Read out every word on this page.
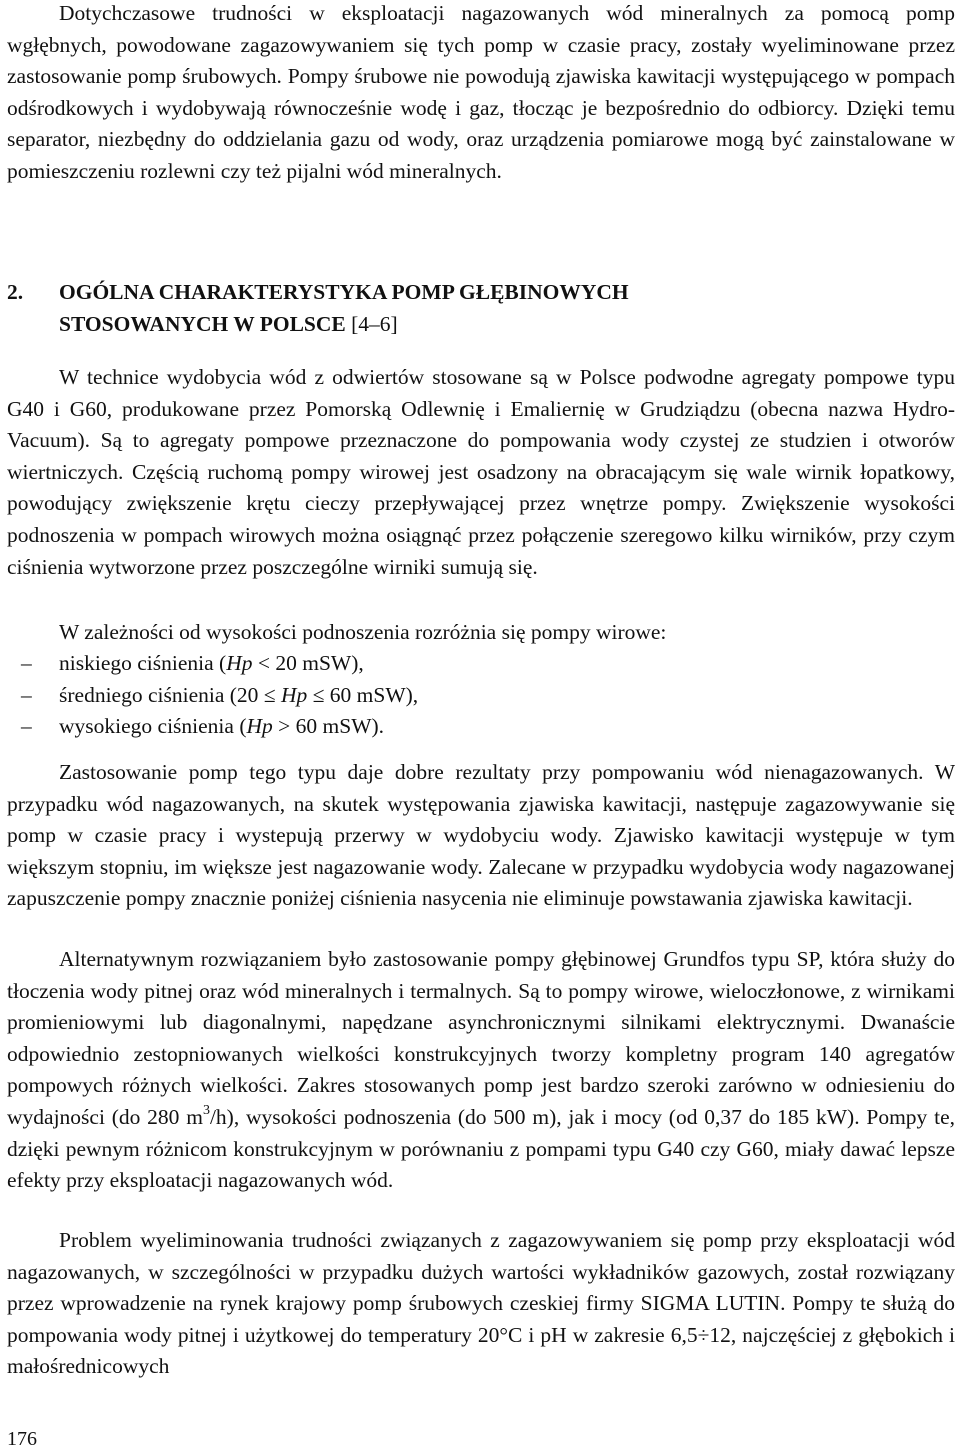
Dotychczasowe trudności w eksploatacji nagazowanych wód mineralnych za pomocą pomp wgłębnych, powodowane zagazowywaniem się tych pomp w czasie pracy, zostały wyeliminowane przez zastosowanie pomp śrubowych. Pompy śrubowe nie powodują zjawiska kawitacji występującego w pompach odśrodkowych i wydobywają równocześnie wodę i gaz, tłocząc je bezpośrednio do odbiorcy. Dzięki temu separator, niezbędny do oddzielania gazu od wody, oraz urządzenia pomiarowe mogą być zainstalowane w pomieszczeniu rozlewni czy też pijalni wód mineralnych.

2. OGÓLNA CHARAKTERYSTYKA POMP GŁĘBINOWYCH
STOSOWANYCH W POLSCE [4–6]

W technice wydobycia wód z odwiertów stosowane są w Polsce podwodne agregaty pompowe typu G40 i G60, produkowane przez Pomorską Odlewnię i Emaliernię w Grudziądzu (obecna nazwa Hydro-Vacuum). Są to agregaty pompowe przeznaczone do pompowania wody czystej ze studzien i otworów wiertniczych. Częścią ruchomą pompy wirowej jest osadzony na obracającym się wale wirnik łopatkowy, powodujący zwiększenie krętu cieczy przepływającej przez wnętrze pompy. Zwiększenie wysokości podnoszenia w pompach wirowych można osiągnąć przez połączenie szeregowo kilku wirników, przy czym ciśnienia wytworzone przez poszczególne wirniki sumują się.

W zależności od wysokości podnoszenia rozróżnia się pompy wirowe:

– niskiego ciśnienia (Hp < 20 mSW),
– średniego ciśnienia (20 ≤ Hp ≤ 60 mSW),
– wysokiego ciśnienia (Hp > 60 mSW).

Zastosowanie pomp tego typu daje dobre rezultaty przy pompowaniu wód nienagazowanych. W przypadku wód nagazowanych, na skutek występowania zjawiska kawitacji, następuje zagazowywanie się pomp w czasie pracy i wystepują przerwy w wydobyciu wody. Zjawisko kawitacji występuje w tym większym stopniu, im większe jest nagazowanie wody. Zalecane w przypadku wydobycia wody nagazowanej zapuszczenie pompy znacznie poniżej ciśnienia nasycenia nie eliminuje powstawania zjawiska kawitacji.

Alternatywnym rozwiązaniem było zastosowanie pompy głębinowej Grundfos typu SP, która służy do tłoczenia wody pitnej oraz wód mineralnych i termalnych. Są to pompy wirowe, wieloczłonowe, z wirnikami promieniowymi lub diagonalnymi, napędzane asynchronicznymi silnikami elektrycznymi. Dwanaście odpowiednio zestopniowanych wielkości konstrukcyjnych tworzy kompletny program 140 agregatów pompowych różnych wielkości. Zakres stosowanych pomp jest bardzo szeroki zarówno w odniesieniu do wydajności (do 280 $m^3/h$), wysokości podnoszenia (do 500 m), jak i mocy (od 0,37 do 185 kW). Pompy te, dzięki pewnym różnicom konstrukcyjnym w porównaniu z pompami typu G40 czy G60, miały dawać lepsze efekty przy eksploatacji nagazowanych wód.

Problem wyeliminowania trudności związanych z zagazowywaniem się pomp przy eksploatacji wód nagazowanych, w szczególności w przypadku dużych wartości wykładników gazowych, został rozwiązany przez wprowadzenie na rynek krajowy pomp śrubowych czeskiej firmy SIGMA LUTIN. Pompy te służą do pompowania wody pitnej i użytkowej do temperatury 20°C i pH w zakresie 6,5÷12, najczęściej z głębokich i małośrednicowych

176
